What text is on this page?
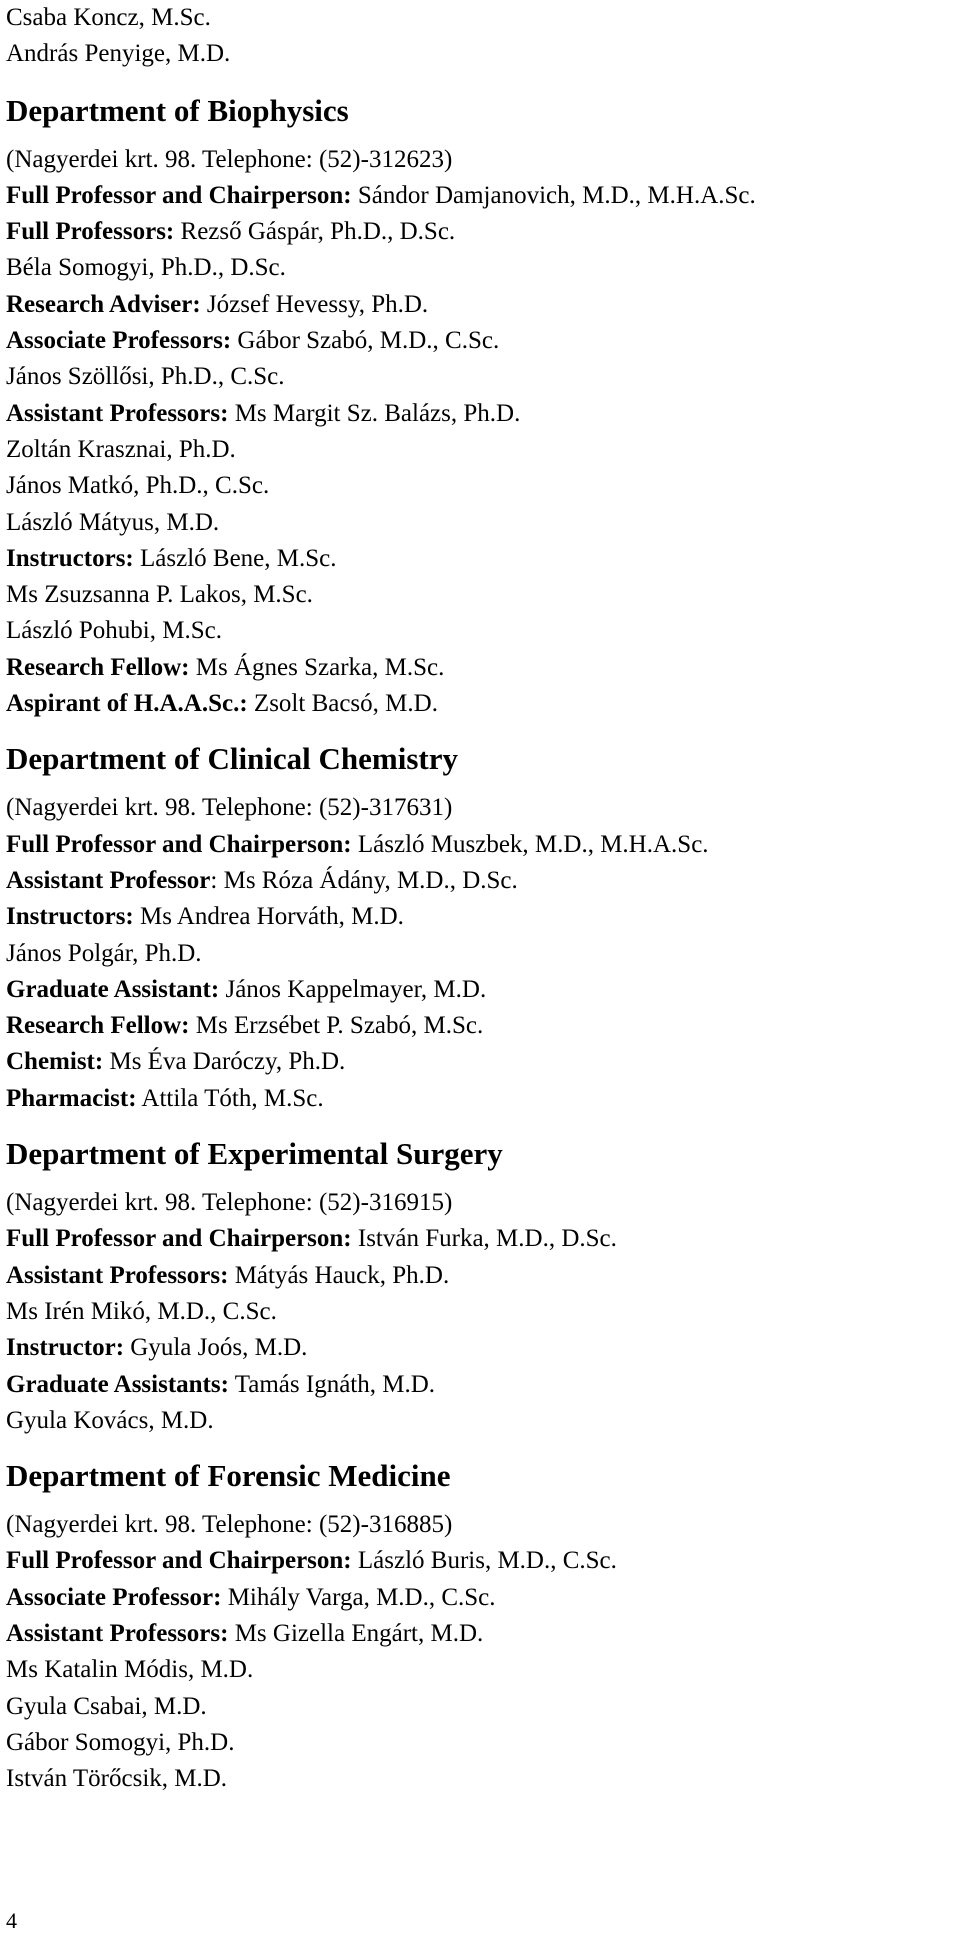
Csaba Koncz, M.Sc.

András Penyige, M.D.

Department of Biophysics

(Nagyerdei krt. 98. Telephone: (52)-312623)

Full Professor and Chairperson: Sándor Damjanovich, M.D., M.H.A.Sc.

Full Professors: Rezső Gáspár, Ph.D., D.Sc.

Béla Somogyi, Ph.D., D.Sc.

Research Adviser: József Hevessy, Ph.D.

Associate Professors: Gábor Szabó, M.D., C.Sc.

János Szöllősi, Ph.D., C.Sc.

Assistant Professors: Ms Margit Sz. Balázs, Ph.D.

Zoltán Krasznai, Ph.D.

János Matkó, Ph.D., C.Sc.

László Mátyus, M.D.

Instructors: László Bene, M.Sc.

Ms Zsuzsanna P. Lakos, M.Sc.

László Pohubi, M.Sc.

Research Fellow: Ms Ágnes Szarka, M.Sc.

Aspirant of H.A.A.Sc.: Zsolt Bacsó, M.D.

Department of Clinical Chemistry

(Nagyerdei krt. 98. Telephone: (52)-317631)

Full Professor and Chairperson: László Muszbek, M.D., M.H.A.Sc.

Assistant Professor: Ms Róza Ádány, M.D., D.Sc.

Instructors: Ms Andrea Horváth, M.D.

János Polgár, Ph.D.

Graduate Assistant: János Kappelmayer, M.D.

Research Fellow: Ms Erzsébet P. Szabó, M.Sc.

Chemist: Ms Éva Daróczy, Ph.D.

Pharmacist: Attila Tóth, M.Sc.

Department of Experimental Surgery

(Nagyerdei krt. 98. Telephone: (52)-316915)

Full Professor and Chairperson: István Furka, M.D., D.Sc.

Assistant Professors: Mátyás Hauck, Ph.D.

Ms Irén Mikó, M.D., C.Sc.

Instructor: Gyula Joós, M.D.

Graduate Assistants: Tamás Ignáth, M.D.

Gyula Kovács, M.D.

Department of Forensic Medicine

(Nagyerdei krt. 98. Telephone: (52)-316885)

Full Professor and Chairperson: László Buris, M.D., C.Sc.

Associate Professor: Mihály Varga, M.D., C.Sc.

Assistant Professors: Ms Gizella Engárt, M.D.

Ms Katalin Módis, M.D.

Gyula Csabai, M.D.

Gábor Somogyi, Ph.D.

István Törőcsik, M.D.

4
